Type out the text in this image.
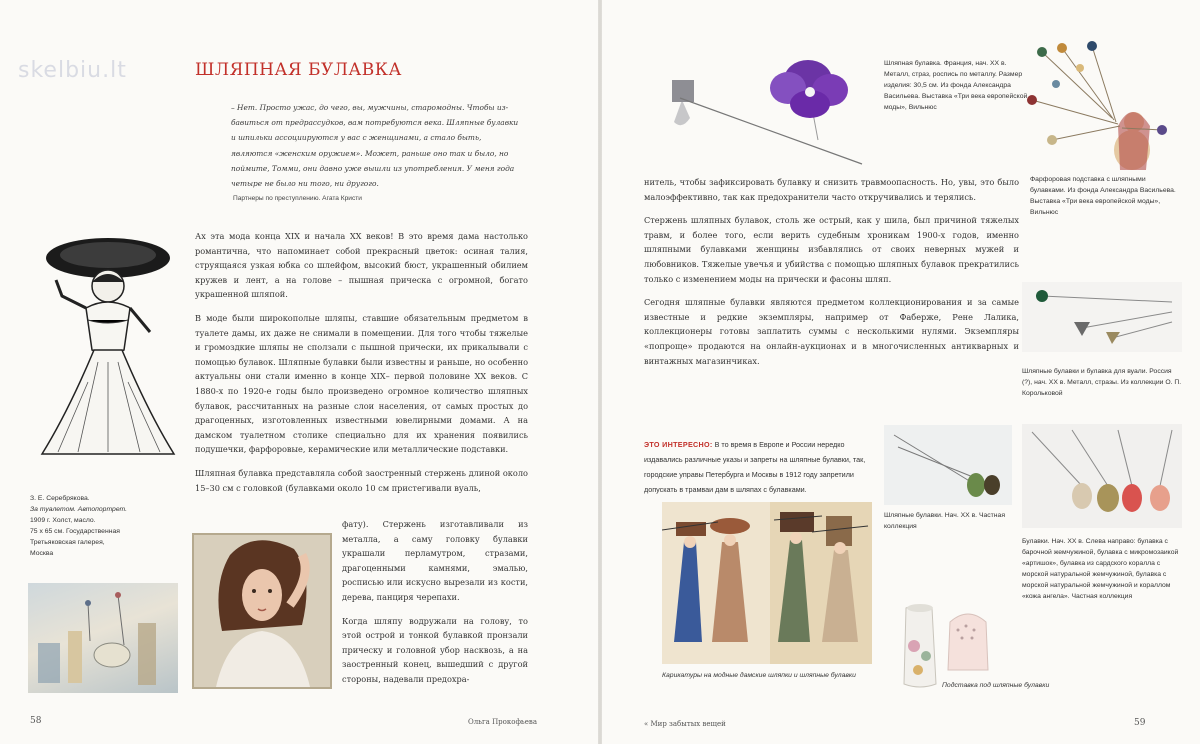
skelbiu.lt	ШЛЯПНАЯ БУЛАВКА
– Нет. Просто ужас, до чего, вы, мужчины, старомодны. Чтобы из-бавиться от предрассудков, вам потребуются века. Шляпные булавки и шпильки ассоциируются у вас с женщинами, а стало быть, являются «женским оружием». Может, раньше оно так и было, но поймите, Томми, они давно уже вышли из употребления. У меня года четыре не было ни того, ни другого.
Партнеры по преступлению. Агата Кристи

Ах эта мода конца XIX и начала XX веков! В это время дама настолько романтична, что напоминает собой прекрасный цветок: осиная талия, струящаяся узкая юбка со шлейфом, высокий бюст, украшенный обилием кружев и лент, а на голове – пышная прическа с огромной, богато украшенной шляпой.

В моде были широкополые шляпы, ставшие обязательным предметом в туалете дамы, их даже не снимали в помещении. Для того чтобы тяжелые и громоздкие шляпы не сползали с пышной прически, их прикалывали с помощью булавок. Шляпные булавки были известны и раньше, но особенно актуальны они стали именно в конце XIX– первой половине XX веков. С 1880-х по 1920-е годы было произведено огромное количество шляпных булавок, рассчитанных на разные слои населения, от самых простых до драгоценных, изготовленных известными ювелирными домами. А на дамском туалетном столике специально для их хранения появились подушечки, фарфоровые, керамические или металлические подставки.

Шляпная булавка представляла собой заостренный стержень длиной около 15–30 см с головкой (булавками около 10 см пристегивали вуаль,

фату). Стержень изготавливали из металла, а саму головку булавки украшали перламутром, стразами, драгоценными камнями, эмалью, росписью или искусно вырезали из кости, дерева, панциря черепахи.

Когда шляпу водружали на голову, то этой острой и тонкой булавкой пронзали прическу и головной убор насквозь, а на заостренный конец, вышедший с другой стороны, надевали предохра-

З. Е. Серебрякова.
За туалетом. Автопортрет.
1909 г. Холст, масло.
75 х 65 см. Государственная
Третьяковская галерея,
Москва
58	Ольга Прокофьева
Шляпная булавка. Франция, нач. XX в. Металл, страз, роспись по металлу. Размер изделия: 30,5 см. Из фонда Александра Васильева. Выставка «Три века европейской моды», Вильнюс
Фарфоровая подставка с шляпными булавками. Из фонда Александра Васильева. Выставка «Три века европейской моды», Вильнюс

нитель, чтобы зафиксировать булавку и снизить травмоопасность. Но, увы, это было малоэффективно, так как предохранители часто откручивались и терялись.

Стержень шляпных булавок, столь же острый, как у шила, был причиной тяжелых травм, и более того, если верить судебным хроникам 1900-х годов, именно шляпными булавками женщины избавлялись от своих неверных мужей и любовников. Тяжелые увечья и убийства с помощью шляпных булавок прекратились только с изменением моды на прически и фасоны шляп.

Сегодня шляпные булавки являются предметом коллекционирования и за самые известные и редкие экземпляры, например от Фаберже, Рене Лалика, коллекционеры готовы заплатить суммы с несколькими нулями. Экземпляры «попроще» продаются на онлайн-аукционах и в многочисленных антикварных и винтажных магазинчиках.

ЭТО ИНТЕРЕСНО: В то время в Европе и России нередко издавались различные указы и запреты на шляпные булавки, так, городские управы Петербурга и Москвы в 1912 году запретили допускать в трамваи дам в шляпах с булавками.
Шляпные булавки и булавка для вуали. Россия (?), нач. XX в. Металл, стразы. Из коллекции О. П. Корольковой
Шляпные булавки. Нач. XX в. Частная коллекция
Булавки. Нач. XX в. Слева направо: булавка с барочной жемчужиной, булавка с микромозаикой «артишок», булавка из сардского коралла с морской натуральной жемчужиной, булавка с морской натуральной жемчужиной и кораллом «кожа ангела». Частная коллекция
Карикатуры на модные дамские шляпки и шляпные булавки
Подставка под шляпные булавки
« Мир забытых вещей	59
